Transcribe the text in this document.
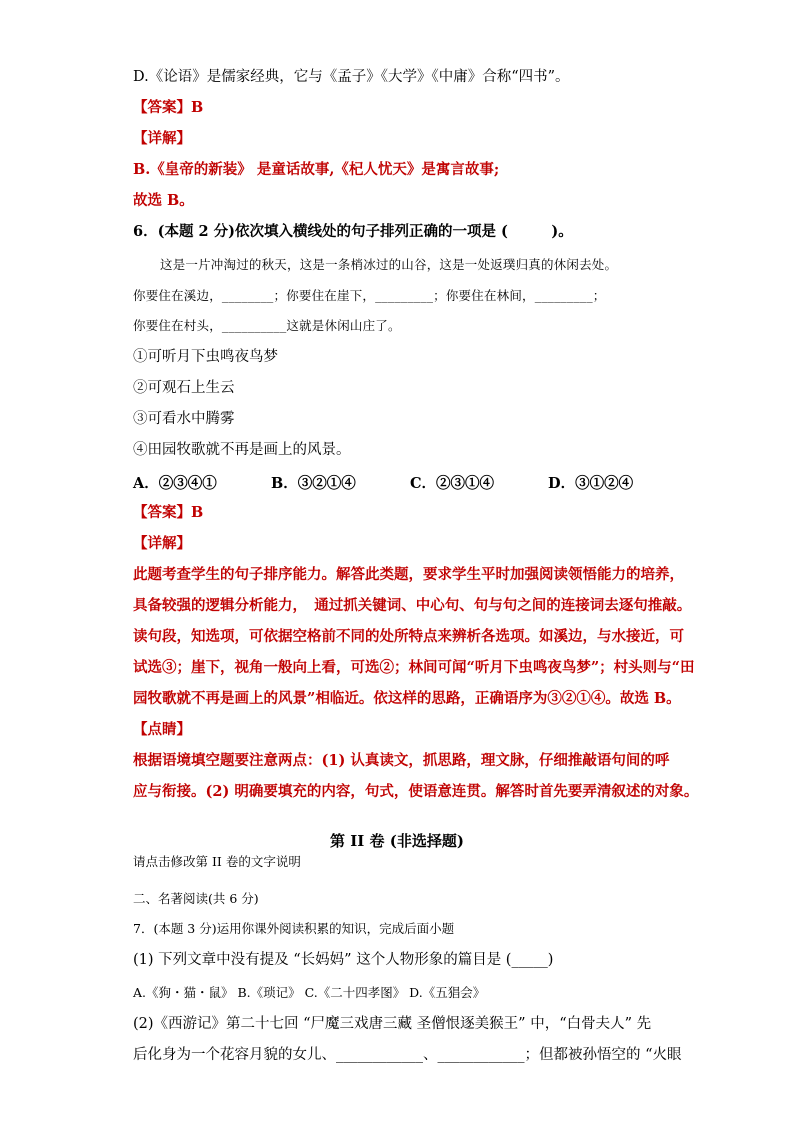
D.《论语》是儒家经典，它与《孟子》《大学》《中庸》合称“四书”。
【答案】B
【详解】
B.《皇帝的新装》 是童话故事,《杞人忧天》是寓言故事;
故选 B。
6．(本题 2 分)依次填入横线处的句子排列正确的一项是 (　　　)。
这是一片冲淘过的秋天，这是一条梢冰过的山谷，这是一处返璞归真的休闲去处。
你要住在溪边，________；你要住在崖下，_________；你要住在林间，_________；
你要住在村头，__________这就是休闲山庄了。
①可听月下虫鸣夜鸟梦
②可观石上生云
③可看水中腾雾
④田园牧歌就不再是画上的风景。
A．②③④①	B．③②①④	C．②③①④	D．③①②④
【答案】B
【详解】
此题考查学生的句子排序能力。解答此类题，要求学生平时加强阅读领悟能力的培养，
具备较强的逻辑分析能力，　通过抓关键词、中心句、句与句之间的连接词去逐句推敲。
读句段，知选项，可依据空格前不同的处所特点来辨析各选项。如溪边，与水接近，可
试选③；崖下，视角一般向上看，可选②；林间可闻“听月下虫鸣夜鸟梦”；村头则与“田
园牧歌就不再是画上的风景”相临近。依这样的思路，正确语序为③②①④。故选 B。
【点睛】
根据语境填空题要注意两点：(1) 认真读文，抓思路，理文脉，仔细推敲语句间的呼
应与衔接。(2) 明确要填充的内容，句式，使语意连贯。解答时首先要弄清叙述的对象。
第 II 卷 (非选择题)
请点击修改第 II 卷的文字说明
二、名著阅读(共 6 分)
7．(本题 3 分)运用你课外阅读积累的知识，完成后面小题
(1) 下列文章中没有提及 “长妈妈” 这个人物形象的篇目是 (_____)
A.《狗・猫・鼠》 B.《琐记》 C.《二十四孝图》 D.《五猖会》
(2)《西游记》第二十七回 “尸魔三戏唐三藏 圣僧恨逐美猴王” 中，“白骨夫人” 先
后化身为一个花容月貌的女儿、____________、____________；但都被孙悟空的 “火眼
